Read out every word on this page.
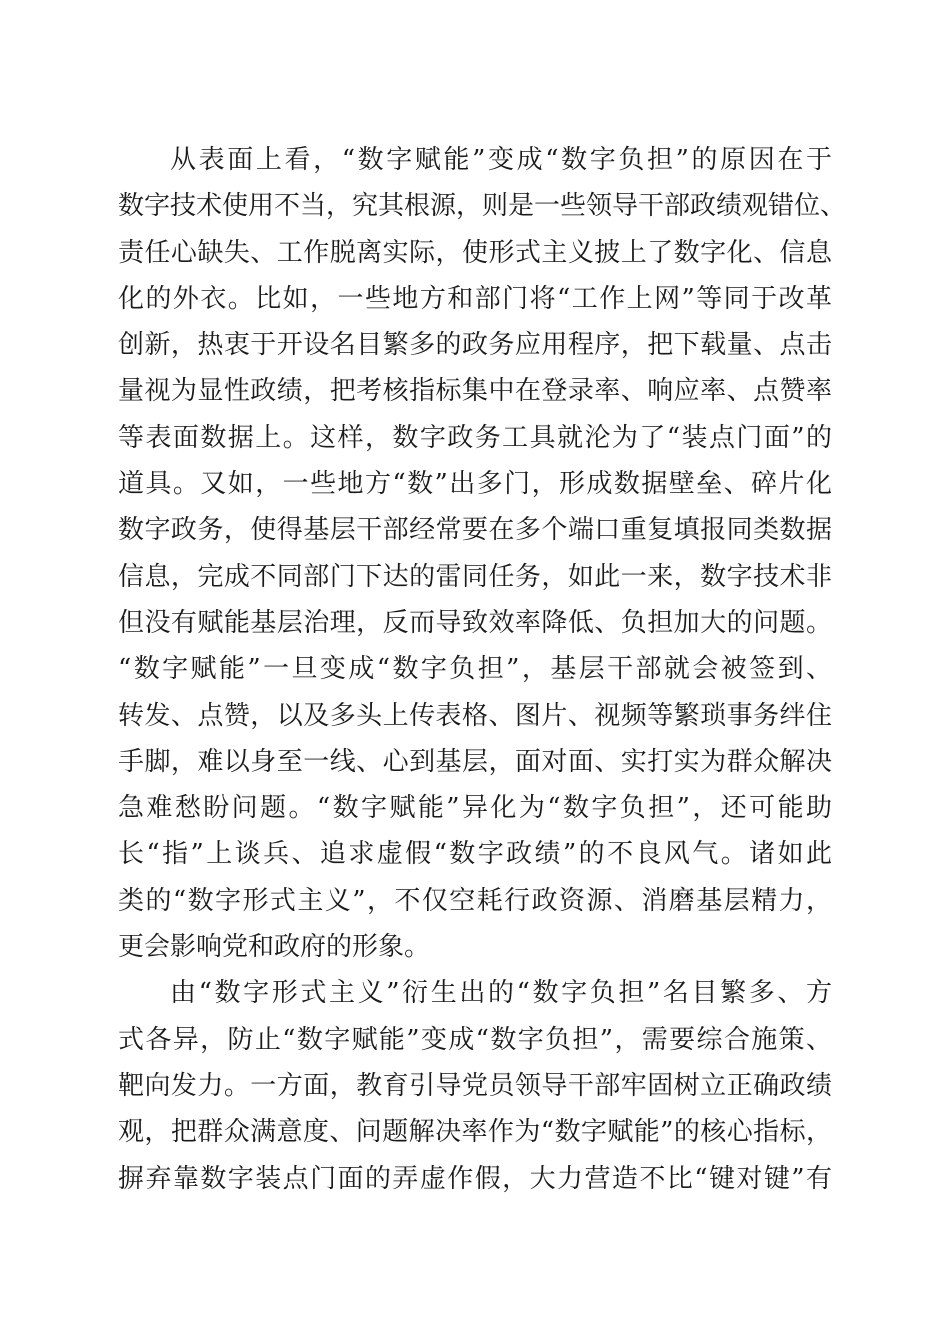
从表面上看，“数字赋能”变成“数字负担”的原因在于
数字技术使用不当，究其根源，则是一些领导干部政绩观错位、
责任心缺失、工作脱离实际，使形式主义披上了数字化、信息
化的外衣。比如，一些地方和部门将“工作上网”等同于改革
创新，热衷于开设名目繁多的政务应用程序，把下载量、点击
量视为显性政绩，把考核指标集中在登录率、响应率、点赞率
等表面数据上。这样，数字政务工具就沦为了“装点门面”的
道具。又如，一些地方“数”出多门，形成数据壁垒、碎片化
数字政务，使得基层干部经常要在多个端口重复填报同类数据
信息，完成不同部门下达的雷同任务，如此一来，数字技术非
但没有赋能基层治理，反而导致效率降低、负担加大的问题。
“数字赋能”一旦变成“数字负担”，基层干部就会被签到、
转发、点赞，以及多头上传表格、图片、视频等繁琐事务绊住
手脚，难以身至一线、心到基层，面对面、实打实为群众解决
急难愁盼问题。“数字赋能”异化为“数字负担”，还可能助
长“指”上谈兵、追求虚假“数字政绩”的不良风气。诸如此
类的“数字形式主义”，不仅空耗行政资源、消磨基层精力，
更会影响党和政府的形象。
由“数字形式主义”衍生出的“数字负担”名目繁多、方
式各异，防止“数字赋能”变成“数字负担”，需要综合施策、
靶向发力。一方面，教育引导党员领导干部牢固树立正确政绩
观，把群众满意度、问题解决率作为“数字赋能”的核心指标，
摒弃靠数字装点门面的弄虚作假，大力营造不比“键对键”有
